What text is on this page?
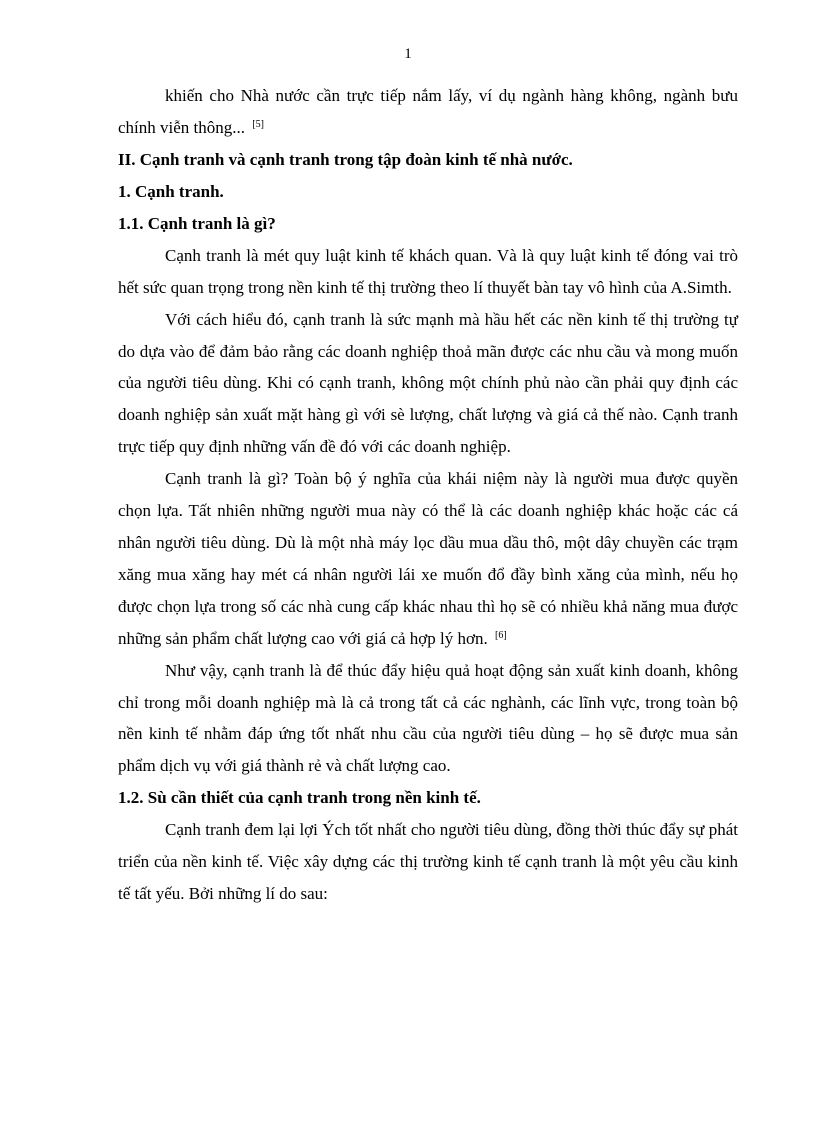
1

khiến cho Nhà nước cần trực tiếp nắm lấy, ví dụ ngành hàng không, ngành bưu chính viễn thông... [5]

II. Cạnh tranh và cạnh tranh trong tập đoàn kinh tế nhà nước.

1. Cạnh tranh.

1.1. Cạnh tranh là gì?

Cạnh tranh là mét quy luật kinh tế khách quan. Và là quy luật kinh tế đóng vai trò hết sức quan trọng trong nền kinh tế thị trường theo lí thuyết bàn tay vô hình của A.Simth.

Với cách hiểu đó, cạnh tranh là sức mạnh mà hầu hết các nền kinh tế thị trường tự do dựa vào để đảm bảo rằng các doanh nghiệp thoả mãn được các nhu cầu và mong muốn của người tiêu dùng. Khi có cạnh tranh, không một chính phủ nào cần phải quy định các doanh nghiệp sản xuất mặt hàng gì với sè lượng, chất lượng và giá cả thế nào. Cạnh tranh trực tiếp quy định những vấn đề đó với các doanh nghiệp.

Cạnh tranh là gì? Toàn bộ ý nghĩa của khái niệm này là người mua được quyền chọn lựa. Tất nhiên những người mua này có thể là các doanh nghiệp khác hoặc các cá nhân người tiêu dùng. Dù là một nhà máy lọc dầu mua dầu thô, một dây chuyền các trạm xăng mua xăng hay mét cá nhân người lái xe muốn đổ đầy bình xăng của mình, nếu họ được chọn lựa trong số các nhà cung cấp khác nhau thì họ sẽ có nhiều khả năng mua được những sản phẩm chất lượng cao với giá cả hợp lý hơn. [6]

Như vậy, cạnh tranh là để thúc đẩy hiệu quả hoạt động sản xuất kinh doanh, không chỉ trong mỗi doanh nghiệp mà là cả trong tất cả các nghành, các lĩnh vực, trong toàn bộ nền kinh tế nhằm đáp ứng tốt nhất nhu cầu của người tiêu dùng – họ sẽ được mua sản phẩm dịch vụ với giá thành rẻ và chất lượng cao.

1.2. Sù cần thiết của cạnh tranh trong nền kinh tế.

Cạnh tranh đem lại lợi Ých tốt nhất cho người tiêu dùng, đồng thời thúc đẩy sự phát triển của nền kinh tế. Việc xây dựng các thị trường kinh tế cạnh tranh là một yêu cầu kinh tế tất yếu. Bởi những lí do sau:
